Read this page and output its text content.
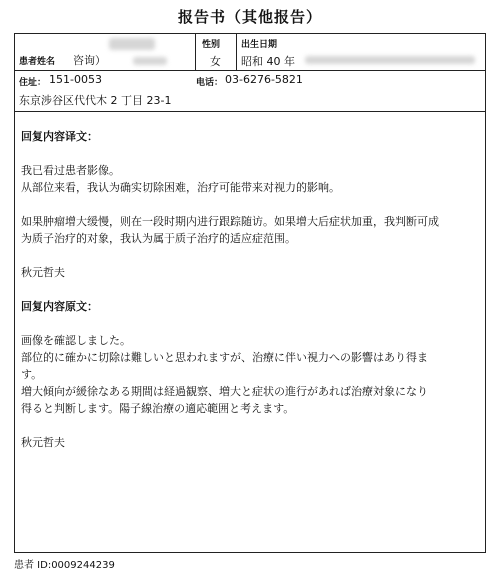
报告书（其他报告）
患者姓名 咨询）
性别
女
出生日期
昭和 40 年
住址： 151-0053	电话： 03-6276-5821
东京涉谷区代代木 2 丁目 23-1

回复内容译文：

我已看过患者影像。

从部位来看，我认为确实切除困难，治疗可能带来对视力的影响。

如果肿瘤增大缓慢，则在一段时期内进行跟踪随访。如果增大后症状加重，我判断可成

为质子治疗的对象，我认为属于质子治疗的适应症范围。

秋元哲夫

回复内容原文：

画像を確認しました。

部位的に確かに切除は難しいと思われますが、治療に伴い視力への影響はあり得ま

す。

増大傾向が緩徐なある期間は経過観察、増大と症状の進行があれば治療対象になり

得ると判断します。陽子線治療の適応範囲と考えます。

秋元哲夫

患者 ID:0009244239
